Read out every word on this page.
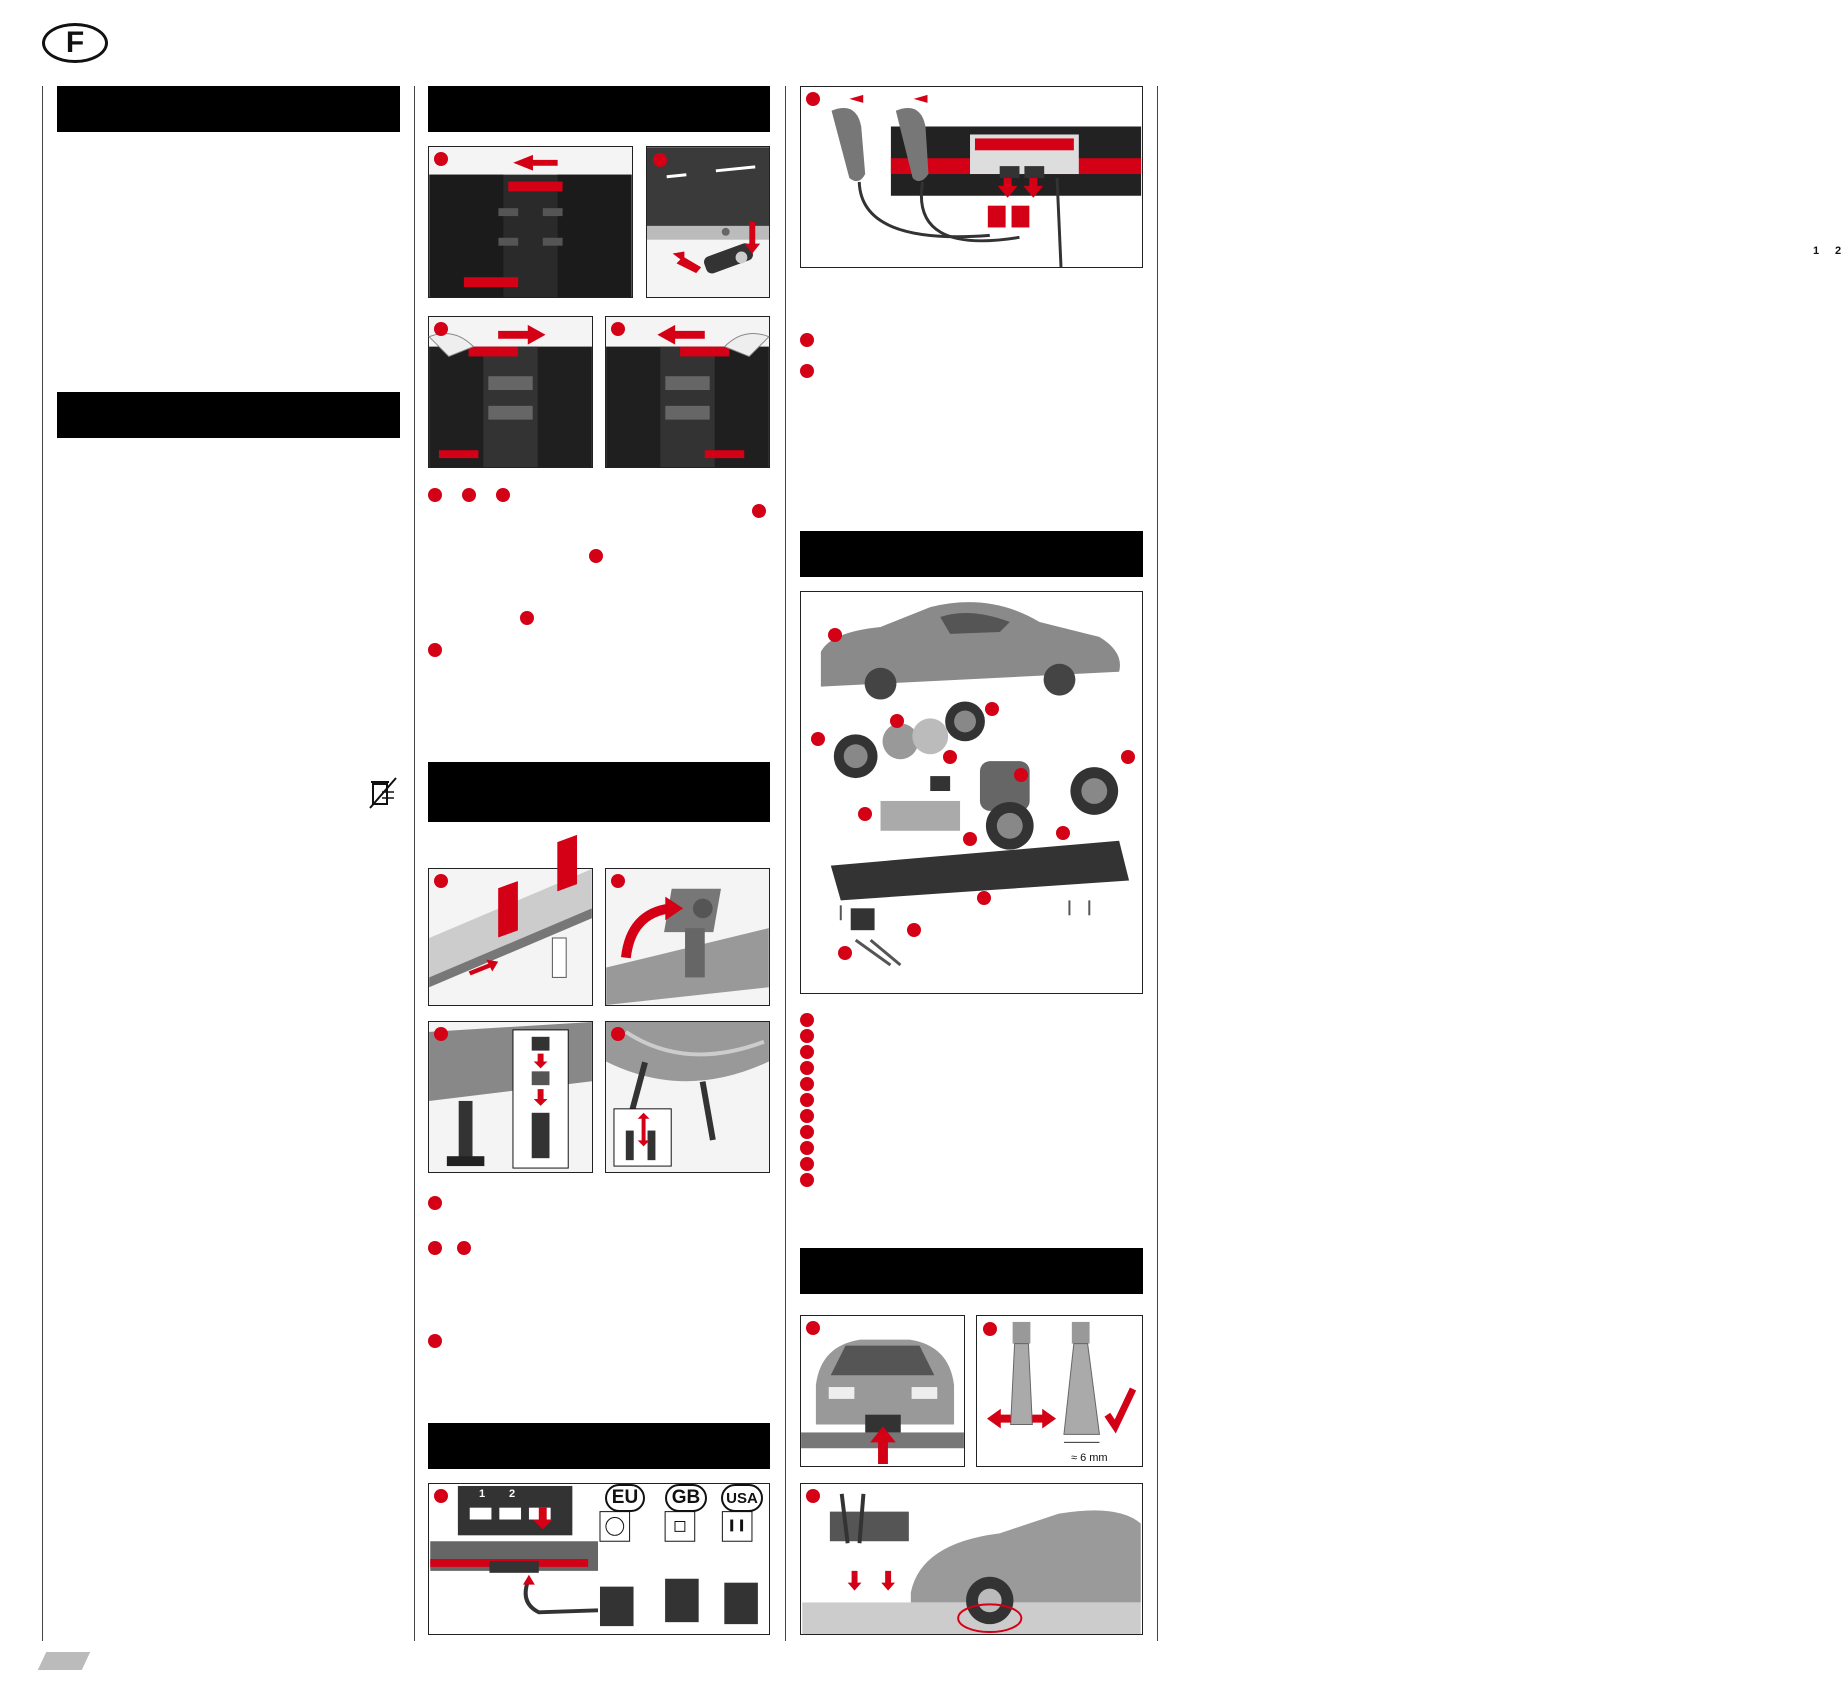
F
1 2	EU GB USA
1 2
≈ 6 mm
